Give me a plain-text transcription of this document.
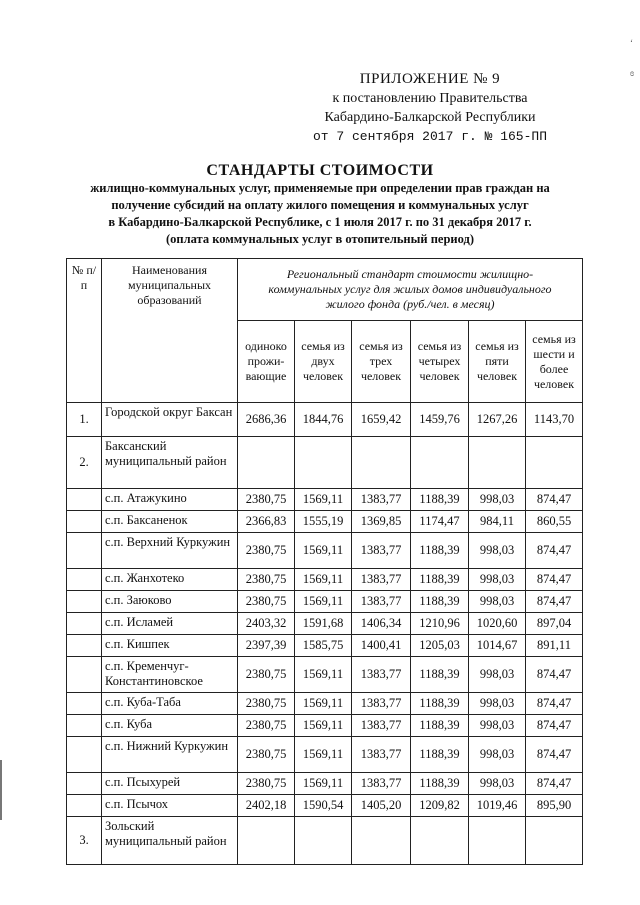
ʻ
ɞ
ПРИЛОЖЕНИЕ № 9
к постановлению Правительства
Кабардино-Балкарской Республики
от 7 сентября 2017 г. № 165-ПП
СТАНДАРТЫ СТОИМОСТИ
жилищно-коммунальных услуг, применяемые при определении прав граждан на
получение субсидий на оплату жилого помещения и коммунальных услуг
в Кабардино-Балкарской Республике, с 1 июля 2017 г. по 31 декабря 2017 г.
(оплата коммунальных услуг в отопительный период)
№ п/п	Наименования муниципальных образований	Региональный стандарт стоимости жилищно-коммунальных услуг для жилых домов индивидуального жилого фонда (руб./чел. в месяц)					
		одиноко прожи-вающие	семья из двух человек	семья из трех человек	семья из четырех человек	семья из пяти человек	семья из шести и более человек
1.	Городской округ Баксан	2686,36	1844,76	1659,42	1459,76	1267,26	1143,70
2.	Баксанский муниципальный район						
	с.п. Атажукино	2380,75	1569,11	1383,77	1188,39	998,03	874,47
	с.п. Баксаненок	2366,83	1555,19	1369,85	1174,47	984,11	860,55
	с.п. Верхний Куркужин	2380,75	1569,11	1383,77	1188,39	998,03	874,47
	с.п. Жанхотеко	2380,75	1569,11	1383,77	1188,39	998,03	874,47
	с.п. Заюково	2380,75	1569,11	1383,77	1188,39	998,03	874,47
	с.п. Исламей	2403,32	1591,68	1406,34	1210,96	1020,60	897,04
	с.п. Кишпек	2397,39	1585,75	1400,41	1205,03	1014,67	891,11
	с.п. Кременчуг-Константиновское	2380,75	1569,11	1383,77	1188,39	998,03	874,47
	с.п. Куба-Таба	2380,75	1569,11	1383,77	1188,39	998,03	874,47
	с.п. Куба	2380,75	1569,11	1383,77	1188,39	998,03	874,47
	с.п. Нижний Куркужин	2380,75	1569,11	1383,77	1188,39	998,03	874,47
	с.п. Псыхурей	2380,75	1569,11	1383,77	1188,39	998,03	874,47
	с.п. Псычох	2402,18	1590,54	1405,20	1209,82	1019,46	895,90
3.	Зольский муниципальный район						
